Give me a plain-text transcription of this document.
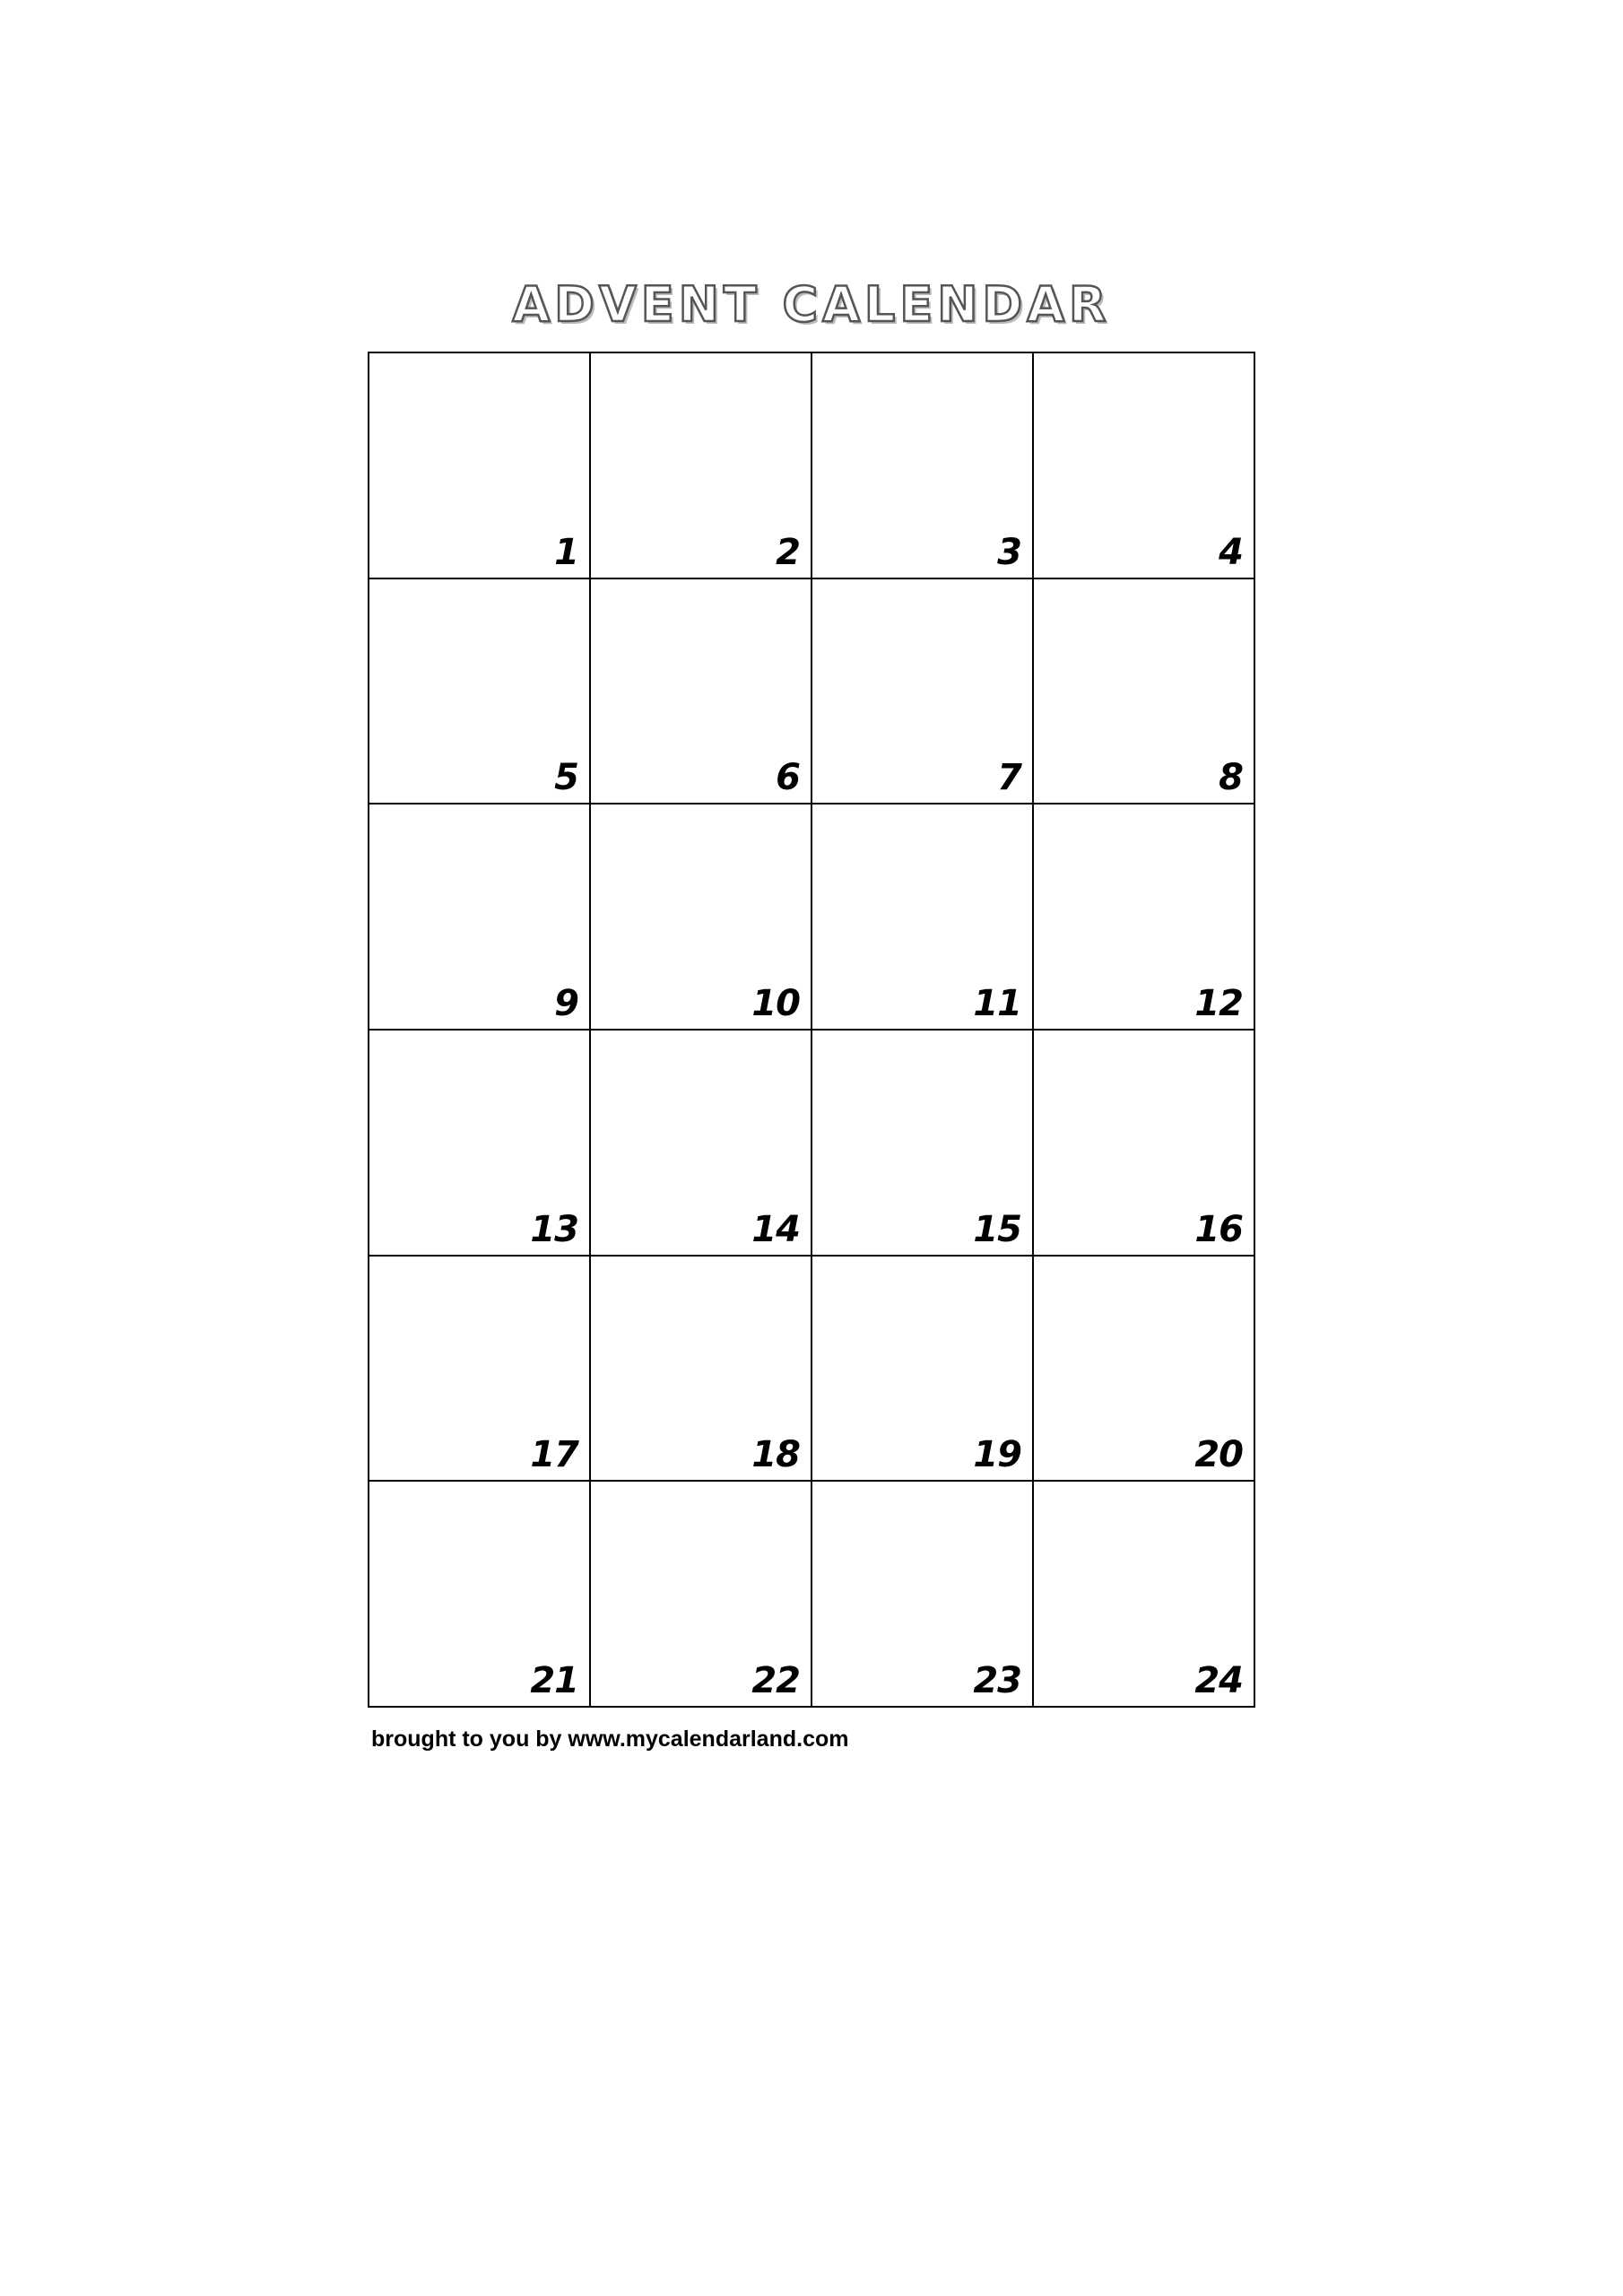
ADVENT CALENDAR
1	2	3	4
5	6	7	8
9	10	11	12
13	14	15	16
17	18	19	20
21	22	23	24
brought to you by www.mycalendarland.com
